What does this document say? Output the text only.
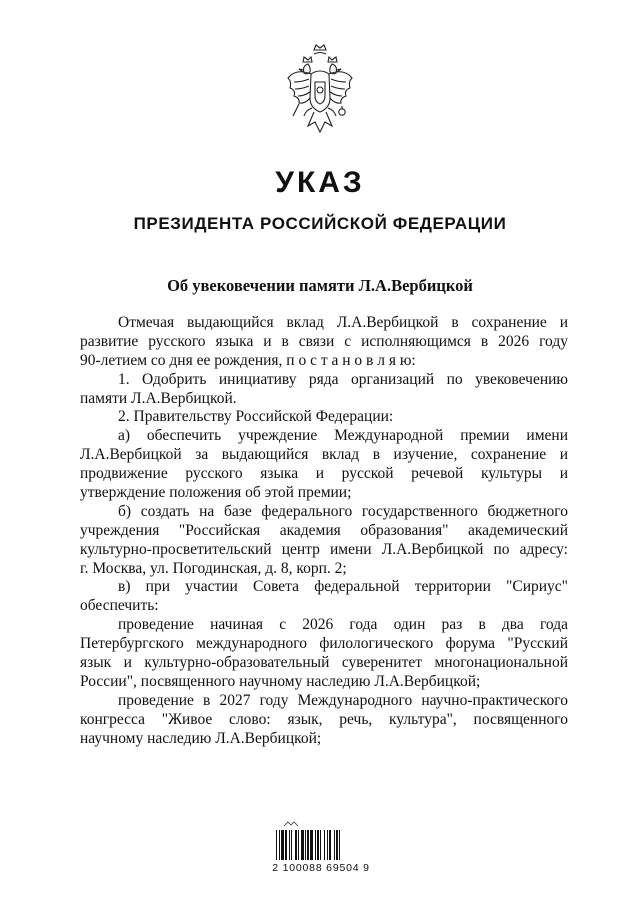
УКАЗ
ПРЕЗИДЕНТА РОССИЙСКОЙ ФЕДЕРАЦИИ
Об увековечении памяти Л.А.Вербицкой
Отмечая выдающийся вклад Л.А.Вербицкой в сохранение и
развитие русского языка и в связи с исполняющимся в 2026 году
90-летием со дня ее рождения, п о с т а н о в л я ю:
1. Одобрить инициативу ряда организаций по увековечению
памяти Л.А.Вербицкой.
2. Правительству Российской Федерации:
а) обеспечить учреждение Международной премии имени
Л.А.Вербицкой за выдающийся вклад в изучение, сохранение и
продвижение русского языка и русской речевой культуры и
утверждение положения об этой премии;
б) создать на базе федерального государственного бюджетного
учреждения "Российская академия образования" академический
культурно-просветительский центр имени Л.А.Вербицкой по адресу:
г. Москва, ул. Погодинская, д. 8, корп. 2;
в) при участии Совета федеральной территории "Сириус"
обеспечить:
проведение начиная с 2026 года один раз в два года
Петербургского международного филологического форума "Русский
язык и культурно-образовательный суверенитет многонациональной
России", посвященного научному наследию Л.А.Вербицкой;
проведение в 2027 году Международного научно-практического
конгресса "Живое слово: язык, речь, культура", посвященного
научному наследию Л.А.Вербицкой;
2 100088 69504 9
